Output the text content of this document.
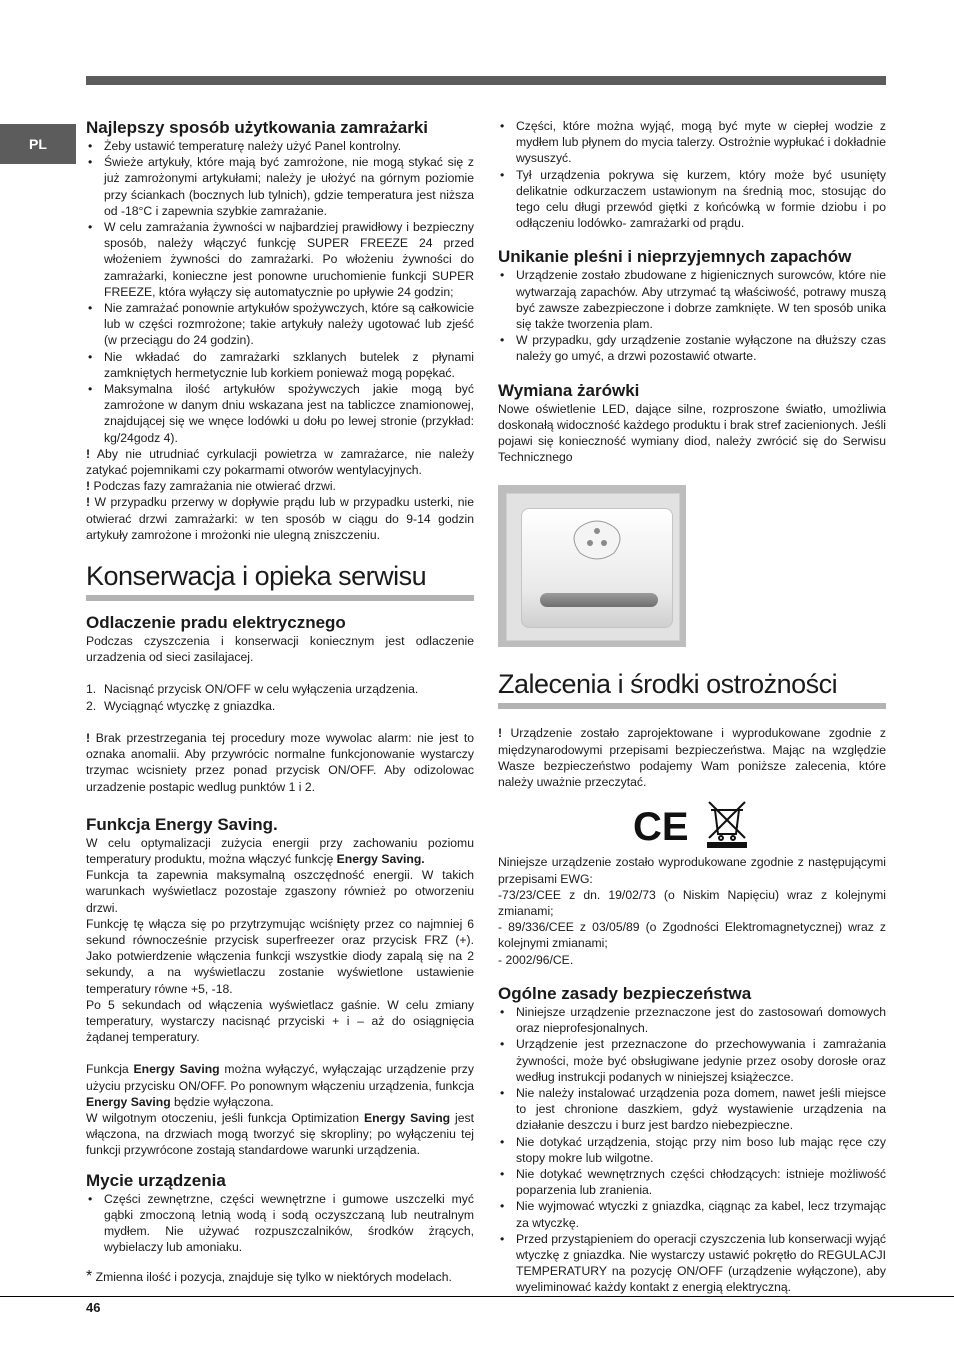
PL
Najlepszy sposób użytkowania zamrażarki
• Żeby ustawić temperaturę należy użyć Panel kontrolny.
• Świeże artykuły, które mają być zamrożone, nie mogą stykać się z już zamrożonymi artykułami; należy je ułożyć na górnym poziomie przy ściankach (bocznych lub tylnich), gdzie temperatura jest niższa od -18°C i zapewnia szybkie zamrażanie.
• W celu zamrażania żywności w najbardziej prawidłowy i bezpieczny sposób, należy włączyć funkcję SUPER FREEZE 24 przed włożeniem żywności do zamrażarki. Po włożeniu żywności do zamrażarki, konieczne jest ponowne uruchomienie funkcji SUPER FREEZE, która wyłączy się automatycznie po upływie 24 godzin;
• Nie zamrażać ponownie artykułów spożywczych, które są całkowicie lub w części rozmrożone; takie artykuły należy ugotować lub zjeść (w przeciągu do 24 godzin).
• Nie wkładać do zamrażarki szklanych butelek z płynami zamkniętych hermetycznie lub korkiem ponieważ mogą popękać.
• Maksymalna ilość artykułów spożywczych jakie mogą być zamrożone w danym dniu wskazana jest na tabliczce znamionowej, znajdującej się we wnęce lodówki u dołu po lewej stronie (przykład: kg/24godz 4).

! Aby nie utrudniać cyrkulacji powietrza w zamrażarce, nie należy zatykać pojemnikami czy pokarmami otworów wentylacyjnych.

! Podczas fazy zamrażania nie otwierać drzwi.

! W przypadku przerwy w dopływie prądu lub w przypadku usterki, nie otwierać drzwi zamrażarki: w ten sposób w ciągu do 9-14 godzin artykuły zamrożone i mrożonki nie ulegną zniszczeniu.

Konserwacja i opieka serwisu
Odlaczenie pradu elektrycznego

Podczas czyszczenia i konserwacji koniecznym jest odlaczenie urzadzenia od sieci zasilajacej.

1. Nacisnąć przycisk ON/OFF w celu wyłączenia urządzenia.
2. Wyciągnąć wtyczkę z gniazdka.

! Brak przestrzegania tej procedury moze wywolac alarm: nie jest to oznaka anomalii. Aby przywrócic normalne funkcjonowanie wystarczy trzymac wcisniety przez ponad przycisk ON/OFF. Aby odizolowac urzadzenie postapic wedlug punktów 1 i 2.

Funkcja Energy Saving.

W celu optymalizacji zużycia energii przy zachowaniu poziomu temperatury produktu, można włączyć funkcję Energy Saving.

Funkcja ta zapewnia maksymalną oszczędność energii. W takich warunkach wyświetlacz pozostaje zgaszony również po otworzeniu drzwi.

Funkcję tę włącza się po przytrzymując wciśnięty przez co najmniej 6 sekund równocześnie przycisk superfreezer oraz przycisk FRZ (+). Jako potwierdzenie włączenia funkcji wszystkie diody zapalą się na 2 sekundy, a na wyświetlaczu zostanie wyświetlone ustawienie temperatury równe +5, -18.

Po 5 sekundach od włączenia wyświetlacz gaśnie. W celu zmiany temperatury, wystarczy nacisnąć przyciski + i – aż do osiągnięcia żądanej temperatury.

Funkcja Energy Saving można wyłączyć, wyłączając urządzenie przy użyciu przycisku ON/OFF. Po ponownym włączeniu urządzenia, funkcja Energy Saving będzie wyłączona.

W wilgotnym otoczeniu, jeśli funkcja Optimization Energy Saving jest włączona, na drzwiach mogą tworzyć się skropliny; po wyłączeniu tej funkcji przywrócone zostają standardowe warunki urządzenia.

Mycie urządzenia
• Części zewnętrzne, części wewnętrzne i gumowe uszczelki myć gąbki zmoczoną letnią wodą i sodą oczyszczaną lub neutralnym mydłem. Nie używać rozpuszczalników, środków żrących, wybielaczy lub amoniaku.
* Zmienna ilość i pozycja, znajduje się tylko w niektórych modelach.
• Części, które można wyjąć, mogą być myte w ciepłej wodzie z mydłem lub płynem do mycia talerzy. Ostrożnie wypłukać i dokładnie wysuszyć.
• Tył urządzenia pokrywa się kurzem, który może być usunięty delikatnie odkurzaczem ustawionym na średnią moc, stosując do tego celu długi przewód giętki z końcówką w formie dziobu i po odłączeniu lodówko- zamrażarki od prądu.
Unikanie pleśni i nieprzyjemnych zapachów
• Urządzenie zostało zbudowane z higienicznych surowców, które nie wytwarzają zapachów. Aby utrzymać tą właściwość, potrawy muszą być zawsze zabezpieczone i dobrze zamknięte. W ten sposób unika się także tworzenia plam.
• W przypadku, gdy urządzenie zostanie wyłączone na dłuższy czas należy go umyć, a drzwi pozostawić otwarte.
Wymiana żarówki

Nowe oświetlenie LED, dające silne, rozproszone światło, umożliwia doskonałą widoczność każdego produktu i brak stref zacienionych. Jeśli pojawi się konieczność wymiany diod, należy zwrócić się do Serwisu Technicznego

Zalecenia i środki ostrożności

! Urządzenie zostało zaprojektowane i wyprodukowane zgodnie z międzynarodowymi przepisami bezpieczeństwa. Mając na względzie Wasze bezpieczeństwo podajemy Wam poniższe zalecenia, które należy uważnie przeczytać.

CE

Niniejsze urządzenie zostało wyprodukowane zgodnie z następującymi przepisami EWG:

-73/23/CEE z dn. 19/02/73 (o Niskim Napięciu) wraz z kolejnymi zmianami;

- 89/336/CEE z 03/05/89 (o Zgodności Elektromagnetycznej) wraz z kolejnymi zmianami;

- 2002/96/CE.

Ogólne zasady bezpieczeństwa
• Niniejsze urządzenie przeznaczone jest do zastosowań domowych oraz nieprofesjonalnych.
• Urządzenie jest przeznaczone do przechowywania i zamrażania żywności, może być obsługiwane jedynie przez osoby dorosłe oraz według instrukcji podanych w niniejszej książeczce.
• Nie należy instalować urządzenia poza domem, nawet jeśli miejsce to jest chronione daszkiem, gdyż wystawienie urządzenia na działanie deszczu i burz jest bardzo niebezpieczne.
• Nie dotykać urządzenia, stojąc przy nim boso lub mając ręce czy stopy mokre lub wilgotne.
• Nie dotykać wewnętrznych części chłodzących: istnieje możliwość poparzenia lub zranienia.
• Nie wyjmować wtyczki z gniazdka, ciągnąc za kabel, lecz trzymając za wtyczkę.
• Przed przystąpieniem do operacji czyszczenia lub konserwacji wyjąć wtyczkę z gniazdka. Nie wystarczy ustawić pokrętło do REGULACJI TEMPERATURY na pozycję ON/OFF (urządzenie wyłączone), aby wyeliminować każdy kontakt z energią elektryczną.
46
